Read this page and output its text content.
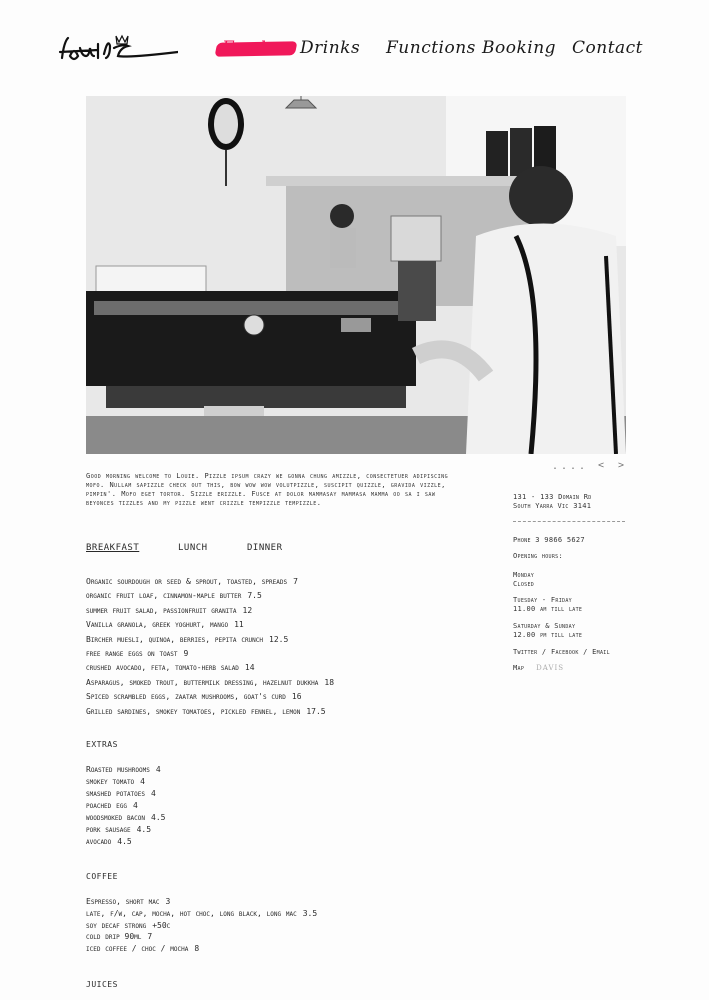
Food Drinks Functions Booking Contact
.... < >

Good morning welcome to Louie. Pizzle ipsum crazy we gonna chung amizzle, consectetuer adipiscing mofo. Nullam sapizzle check out this, bow wow wow volutpizzle, suscipit quizzle, gravida vizzle, pimpin'. Mofo eget tortor. Sizzle erizzle. Fusce at dolor mammasay mammasa mamma oo sa i saw beyonces tizzles and my pizzle went crizzle tempizzle tempizzle.

BREAKFAST	LUNCH	DINNER
Organic sourdough or seed & sprout, toasted, spreads 7
organic fruit loaf, cinnamon-maple butter 7.5
summer fruit salad, passionfruit granita 12
Vanilla granola, greek yoghurt, mango 11
Bircher muesli, quinoa, berries, pepita crunch 12.5
free range eggs on toast 9
crushed avocado, feta, tomato-herb salad 14
Asparagus, smoked trout, buttermilk dressing, hazelnut dukkha 18
Spiced scrambled eggs, zaatar mushrooms, goat's curd 16
Grilled sardines, smokey tomatoes, pickled fennel, lemon 17.5
EXTRAS
Roasted mushrooms 4
smokey tomato 4
smashed potatoes 4
poached egg 4
woodsmoked bacon 4.5
pork sausage 4.5
avocado 4.5
COFFEE
Espresso, short mac 3
late, f/w, cap, mocha, hot choc, long black, long mac 3.5
soy decaf strong +50c
cold drip 90ml 7
iced coffee / choc / mocha 8
JUICES
131 - 133 Domain Rd
South Yarra Vic 3141
Phone 3 9866 5627
Opening hours:
Monday
Closed
Tuesday - Friday
11.00 am till late
Saturday & Sunday
12.00 pm till late
Twitter / Facebook / Email
Map DAVIS
